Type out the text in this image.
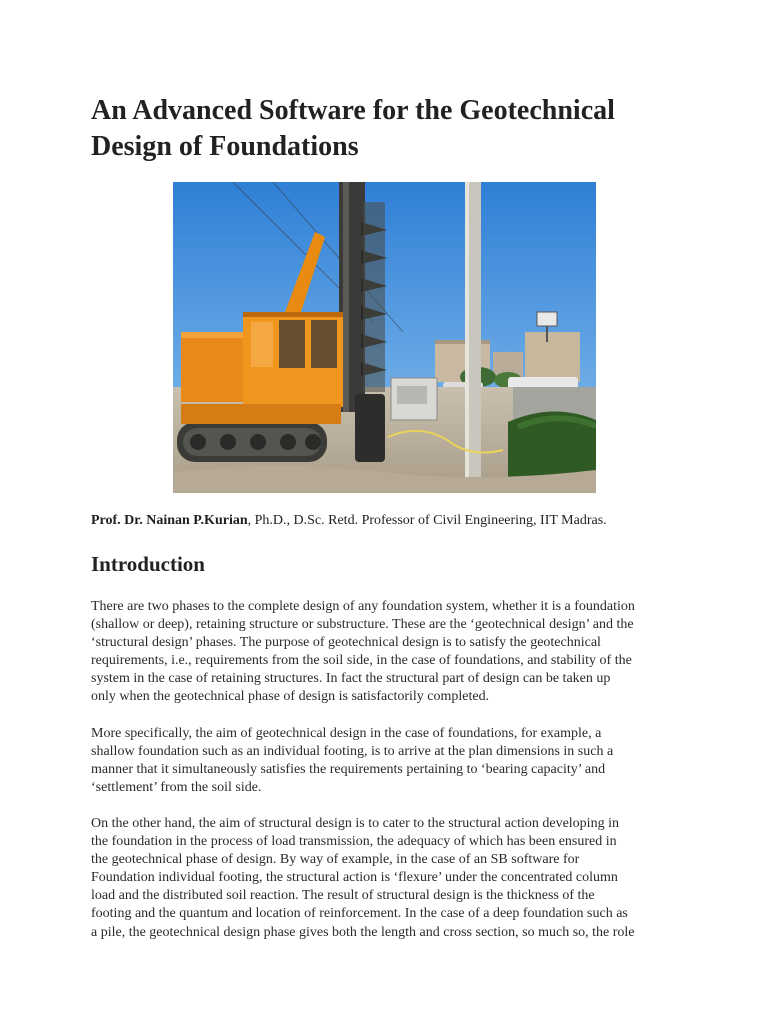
An Advanced Software for the Geotechnical
Design of Foundations

Prof. Dr. Nainan P.Kurian, Ph.D., D.Sc. Retd. Professor of Civil Engineering, IIT Madras.

Introduction

There are two phases to the complete design of any foundation system, whether it is a foundation
(shallow or deep), retaining structure or substructure. These are the ‘geotechnical design’ and the
‘structural design’ phases. The purpose of geotechnical design is to satisfy the geotechnical
requirements, i.e., requirements from the soil side, in the case of foundations, and stability of the
system in the case of retaining structures. In fact the structural part of design can be taken up
only when the geotechnical phase of design is satisfactorily completed.

More specifically, the aim of geotechnical design in the case of foundations, for example, a
shallow foundation such as an individual footing, is to arrive at the plan dimensions in such a
manner that it simultaneously satisfies the requirements pertaining to ‘bearing capacity’ and
‘settlement’ from the soil side.

On the other hand, the aim of structural design is to cater to the structural action developing in
the foundation in the process of load transmission, the adequacy of which has been ensured in
the geotechnical phase of design. By way of example, in the case of an SB software for
Foundation individual footing, the structural action is ‘flexure’ under the concentrated column
load and the distributed soil reaction. The result of structural design is the thickness of the
footing and the quantum and location of reinforcement. In the case of a deep foundation such as
a pile, the geotechnical design phase gives both the length and cross section, so much so, the role
